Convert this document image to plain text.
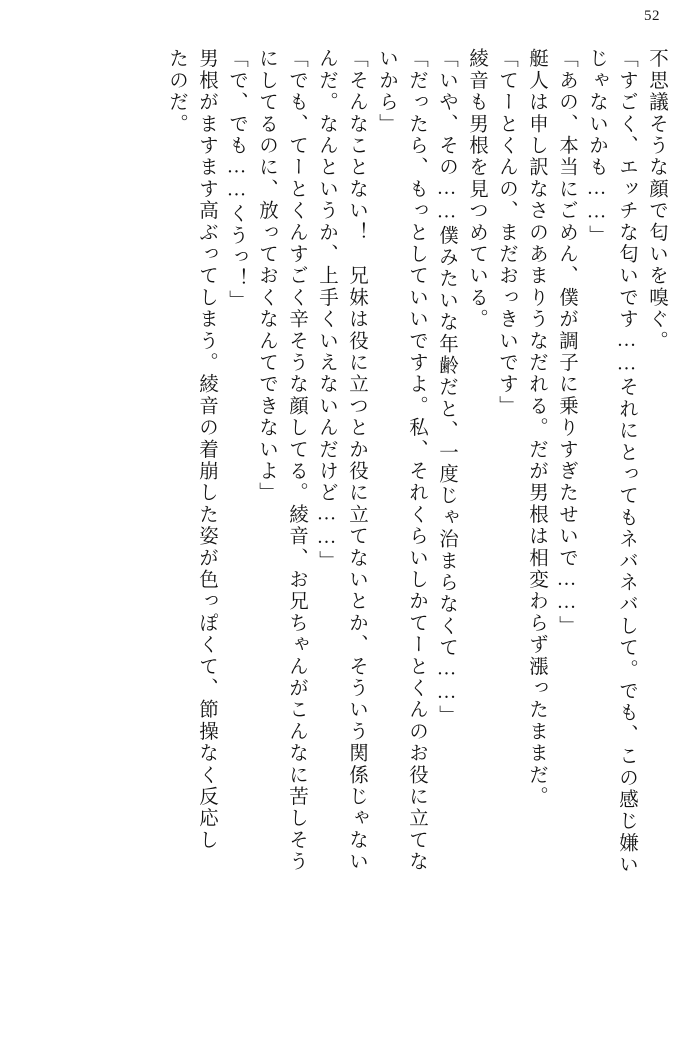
52
不思議そうな顔で匂いを嗅ぐ。
「すごく、エッチな匂いです……それにとってもネバネバして。でも、この感じ嫌い
じゃないかも……」
「あの、本当にごめん、僕が調子に乗りすぎたせいで……」
艇人は申し訳なさのあまりうなだれる。だが男根は相変わらず漲ったままだ。
「てーとくんの、まだおっきいです」
綾音も男根を見つめている。
「いや、その……僕みたいな年齢だと、一度じゃ治まらなくて……」
「だったら、もっとしていいですよ。私、それくらいしかてーとくんのお役に立てな
いから」
「そんなことない！　兄妹は役に立つとか役に立てないとか、そういう関係じゃない
んだ。なんというか、上手くいえないんだけど……」
「でも、てーとくんすごく辛そうな顔してる。綾音、お兄ちゃんがこんなに苦しそう
にしてるのに、放っておくなんてできないよ」
「で、でも……くうっ！」
男根がますます高ぶってしまう。綾音の着崩した姿が色っぽくて、節操なく反応し
たのだ。
